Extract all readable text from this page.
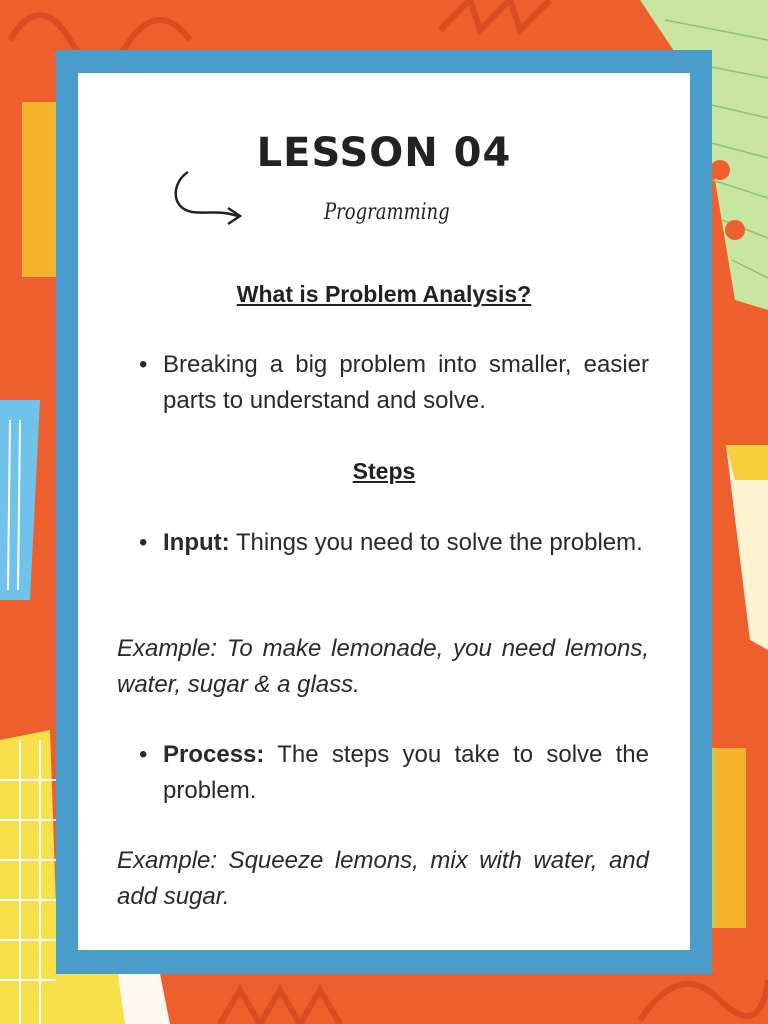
LESSON 04
Programming
What is Problem Analysis?
• Breaking a big problem into smaller, easier parts to understand and solve.

Steps
• Input: Things you need to solve the problem.

Example: To make lemonade, you need lemons, water, sugar & a glass.

• Process: The steps you take to solve the problem.

Example: Squeeze lemons, mix with water, and add sugar.
